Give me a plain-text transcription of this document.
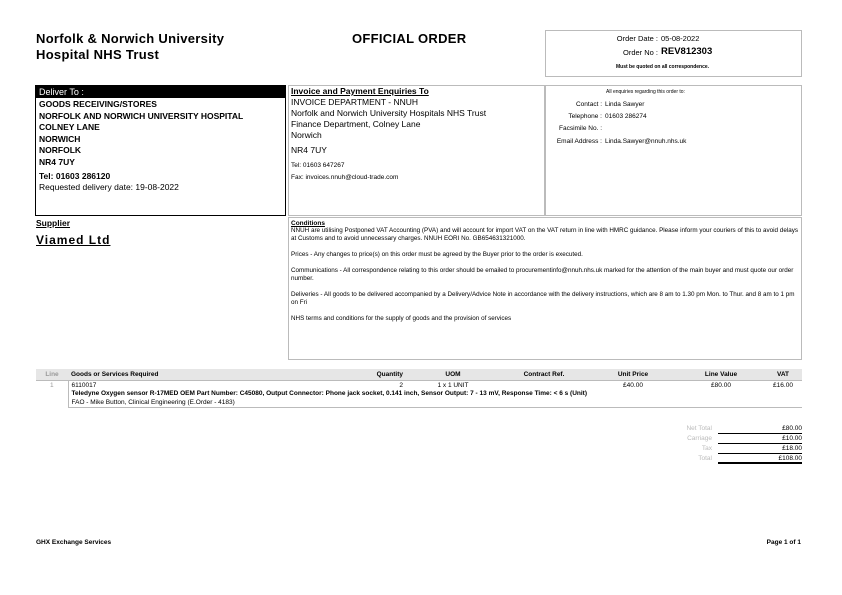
Norfolk & Norwich University
Hospital NHS Trust
OFFICIAL ORDER	Order Date : 05-08-2022
Order No : REV812303
Must be quoted on all correspondence.
Deliver To :
GOODS RECEIVING/STORES
NORFOLK AND NORWICH UNIVERSITY HOSPITAL
COLNEY LANE
NORWICH
NORFOLK
NR4 7UY
Tel: 01603 286120
Requested delivery date: 19-08-2022
Invoice and Payment Enquiries To
INVOICE DEPARTMENT - NNUH
Norfolk and Norwich University Hospitals NHS Trust
Finance Department, Colney Lane
Norwich
NR4 7UY
Tel: 01603 647267
Fax: invoices.nnuh@cloud-trade.com
All enquiries regarding this order to:
Contact : Linda Sawyer
Telephone : 01603 286274
Facsimile No. :
Email Address : Linda.Sawyer@nnuh.nhs.uk
Supplier
Viamed Ltd
Conditions
NNUH are utilising Postponed VAT Accounting (PVA) and will account for import VAT on the VAT return in line with HMRC guidance. Please inform your couriers of this to avoid delays at Customs and to avoid unnecessary charges. NNUH EORI No. GB654631321000.
Prices - Any changes to price(s) on this order must be agreed by the Buyer prior to the order is executed.
Communications - All correspondence relating to this order should be emailed to procurementinfo@nnuh.nhs.uk marked for the attention of the main buyer and must quote our order number.
Deliveries - All goods to be delivered accompanied by a Delivery/Advice Note in accordance with the delivery instructions, which are 8 am to 1.30 pm Mon. to Thur. and 8 am to 1 pm on Fri
NHS terms and conditions for the supply of goods and the provision of services
Line	Goods or Services Required	Quantity	UOM	Contract Ref.	Unit Price	Line Value	VAT
1	6110017	2	1 x 1 UNIT		£40.00	£80.00	£16.00
	Teledyne Oxygen sensor R-17MED OEM Part Number: C45080, Output Connector: Phone jack socket, 0.141 inch, Sensor Output: 7 - 13 mV, Response Time: < 6 s (Unit)						
	FAO - Mike Button, Clinical Engineering (E.Order - 4183)						
Net Total	£80.00
Carriage	£10.00
Tax	£18.00
Total	£108.00
GHX Exchange Services	Page 1 of 1
